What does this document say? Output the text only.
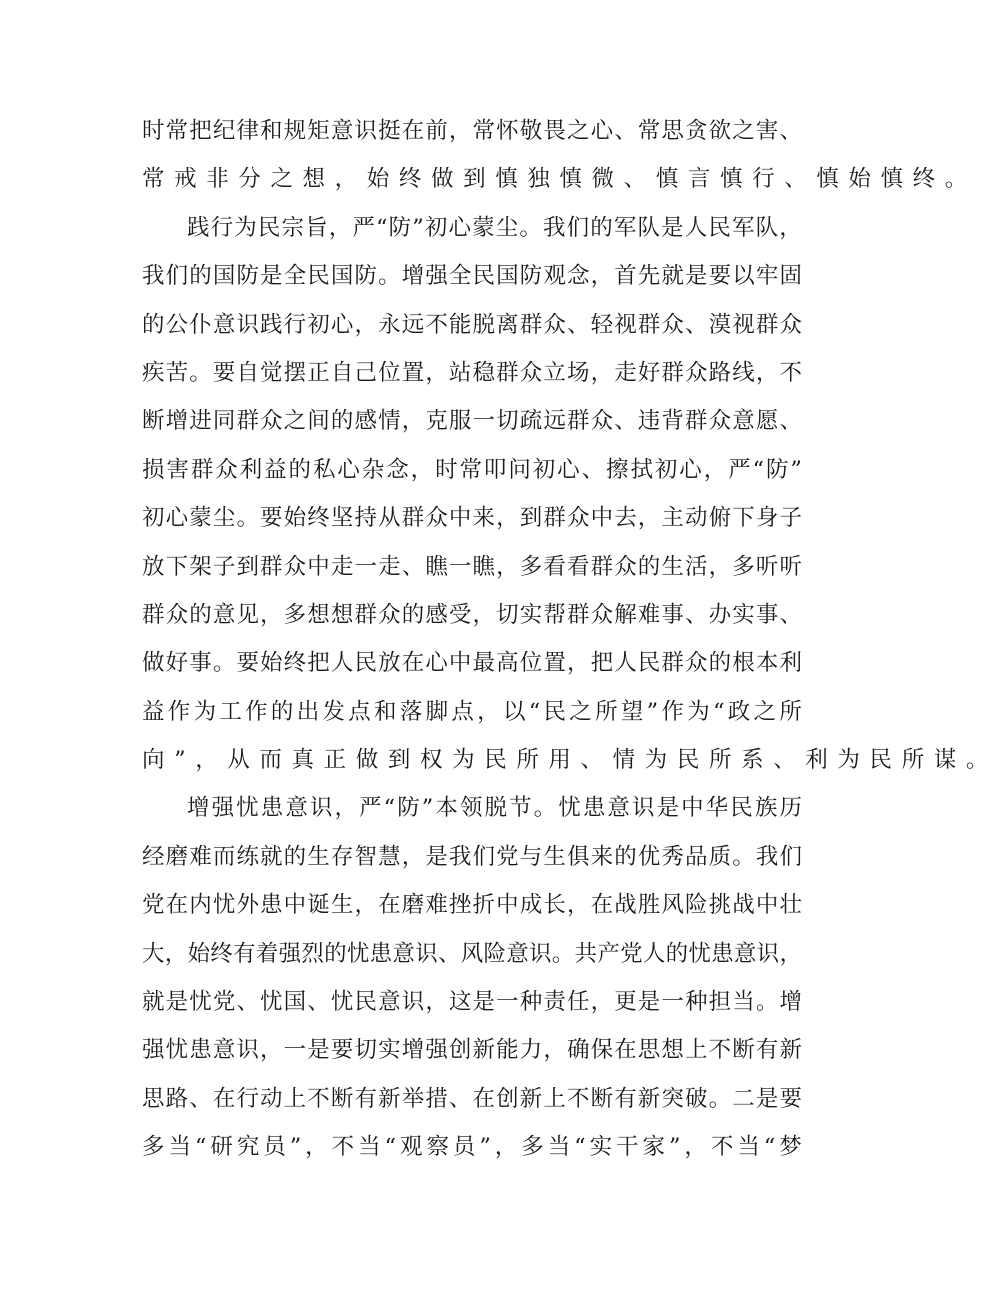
时 常 把 纪 律 和 规 矩 意 识 挺 在 前 ， 常 怀 敬 畏 之 心 、 常 思 贪 欲 之 害 、
常 戒 非 分 之 想 ， 始 终 做 到 慎 独 慎 微 、 慎 言 慎 行 、 慎 始 慎 终 。
践 行 为 民 宗 旨 ， 严 “ 防 ” 初 心 蒙 尘 。 我 们 的 军 队 是 人 民 军 队 ，
我 们 的 国 防 是 全 民 国 防 。 增 强 全 民 国 防 观 念 ， 首 先 就 是 要 以 牢 固
的 公 仆 意 识 践 行 初 心 ， 永 远 不 能 脱 离 群 众 、 轻 视 群 众 、 漠 视 群 众
疾 苦 。 要 自 觉 摆 正 自 己 位 置 ， 站 稳 群 众 立 场 ， 走 好 群 众 路 线 ， 不
断 增 进 同 群 众 之 间 的 感 情 ， 克 服 一 切 疏 远 群 众 、 违 背 群 众 意 愿 、
损 害 群 众 利 益 的 私 心 杂 念 ， 时 常 叩 问 初 心 、 擦 拭 初 心 ， 严 “ 防 ”
初 心 蒙 尘 。 要 始 终 坚 持 从 群 众 中 来 ， 到 群 众 中 去 ， 主 动 俯 下 身 子
放 下 架 子 到 群 众 中 走 一 走 、 瞧 一 瞧 ， 多 看 看 群 众 的 生 活 ， 多 听 听
群 众 的 意 见 ， 多 想 想 群 众 的 感 受 ， 切 实 帮 群 众 解 难 事 、 办 实 事 、
做 好 事 。 要 始 终 把 人 民 放 在 心 中 最 高 位 置 ， 把 人 民 群 众 的 根 本 利
益 作 为 工 作 的 出 发 点 和 落 脚 点 ， 以 “ 民 之 所 望 ” 作 为 “ 政 之 所
向 ” ， 从 而 真 正 做 到 权 为 民 所 用 、 情 为 民 所 系 、 利 为 民 所 谋 。
增 强 忧 患 意 识 ， 严 “ 防 ” 本 领 脱 节 。 忧 患 意 识 是 中 华 民 族 历
经 磨 难 而 练 就 的 生 存 智 慧 ， 是 我 们 党 与 生 俱 来 的 优 秀 品 质 。 我 们
党 在 内 忧 外 患 中 诞 生 ， 在 磨 难 挫 折 中 成 长 ， 在 战 胜 风 险 挑 战 中 壮
大 ， 始 终 有 着 强 烈 的 忧 患 意 识 、 风 险 意 识 。 共 产 党 人 的 忧 患 意 识 ，
就 是 忧 党 、 忧 国 、 忧 民 意 识 ， 这 是 一 种 责 任 ， 更 是 一 种 担 当 。 增
强 忧 患 意 识 ， 一 是 要 切 实 增 强 创 新 能 力 ， 确 保 在 思 想 上 不 断 有 新
思 路 、 在 行 动 上 不 断 有 新 举 措 、 在 创 新 上 不 断 有 新 突 破 。 二 是 要
多 当 “ 研 究 员 ” ， 不 当 “ 观 察 员 ” ， 多 当 “ 实 干 家 ” ， 不 当 “ 梦
